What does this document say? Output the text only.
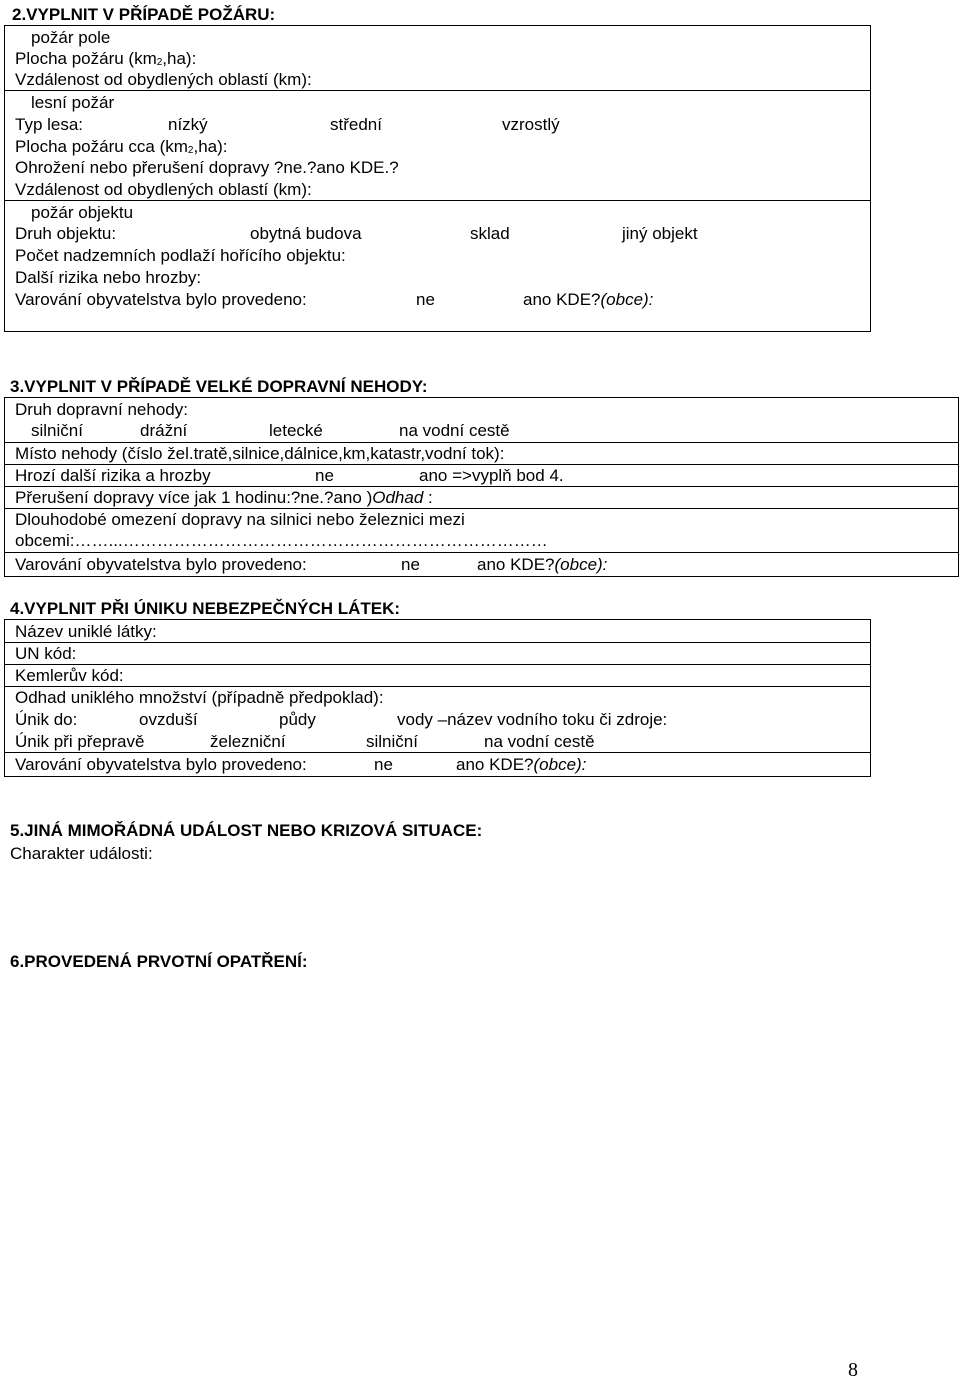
2.VYPLNIT V PŘÍPADĚ POŽÁRU:
požár pole
Plocha požáru $(km_2,ha)$:
Vzdálenost od obydlených oblastí (km):
lesní požár
Typ lesa:	nízký	střední	vzrostlý
Plocha požáru cca $(km_2,ha)$:
Ohrožení nebo přerušení dopravy ?ne.?ano KDE.?
Vzdálenost od obydlených oblastí (km):
požár objektu
Druh objektu:	obytná budova	sklad	jiný objekt
Počet nadzemních podlaží hořícího objektu:
Další rizika nebo hrozby:
Varování obyvatelstva bylo provedeno:	ne	ano KDE?(obce):
3.VYPLNIT V PŘÍPADĚ VELKÉ DOPRAVNÍ NEHODY:
Druh dopravní nehody:
silniční	drážní	letecké	na vodní cestě
Místo nehody (číslo žel.tratě,silnice,dálnice,km,katastr,vodní tok):
Hrozí další rizika a hrozby	ne	ano =>vyplň bod 4.
Přerušení dopravy více jak 1 hodinu:?ne.?ano )Odhad :
Dlouhodobé omezení dopravy na silnici nebo železnici mezi
obcemi:……...…………………………………………………………………
Varování obyvatelstva bylo provedeno:	ne	ano KDE?(obce):
4.VYPLNIT PŘI ÚNIKU NEBEZPEČNÝCH LÁTEK:
Název uniklé látky:
UN kód:
Kemlerův kód:
Odhad uniklého množství (případně předpoklad):
Únik do:	ovzduší	půdy	vody –název vodního toku či zdroje:
Únik při přepravě	železniční	silniční	na vodní cestě
Varování obyvatelstva bylo provedeno:	ne	ano KDE?(obce):
5.JINÁ MIMOŘÁDNÁ UDÁLOST NEBO KRIZOVÁ SITUACE:
Charakter události:
6.PROVEDENÁ PRVOTNÍ OPATŘENÍ:
8
